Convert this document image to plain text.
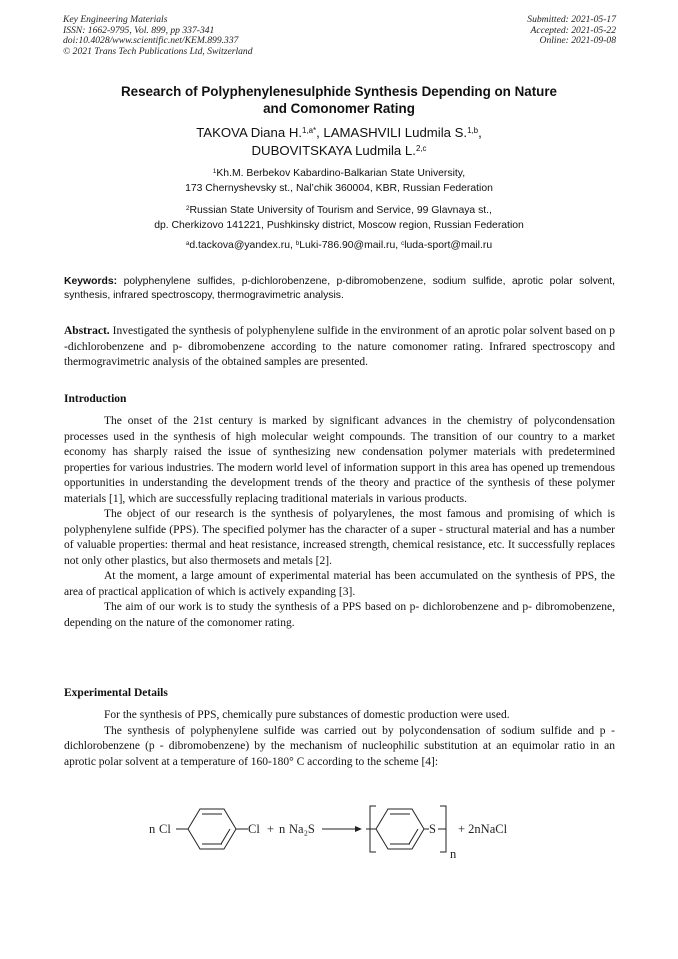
Key Engineering Materials
ISSN: 1662-9795, Vol. 899, pp 337-341
doi:10.4028/www.scientific.net/KEM.899.337
© 2021 Trans Tech Publications Ltd, Switzerland
Submitted: 2021-05-17
Accepted: 2021-05-22
Online: 2021-09-08
Research of Polyphenylenesulphide Synthesis Depending on Nature
and Comonomer Rating
TAKOVA Diana H.$^{1,a*}$, LAMASHVILI Ludmila S.$^{1,b}$,
DUBOVITSKAYA Ludmila L.$^{2,c}$
$^1$Kh.M. Berbekov Kabardino-Balkarian State University,
173 Chernyshevsky st., Nal’chik 360004, KBR, Russian Federation
$^2$Russian State University of Tourism and Service, 99 Glavnaya st.,
dp. Cherkizovo 141221, Pushkinsky district, Moscow region, Russian Federation
$^a$d.tackova@yandex.ru, $^b$Luki-786.90@mail.ru, $^c$luda-sport@mail.ru
Keywords: polyphenylene sulfides, p-dichlorobenzene, p-dibromobenzene, sodium sulfide, aprotic polar solvent, synthesis, infrared spectroscopy, thermogravimetric analysis.

Abstract. Investigated the synthesis of polyphenylene sulfide in the environment of an aprotic polar solvent based on p -dichlorobenzene and p- dibromobenzene according to the nature comonomer rating. Infrared spectroscopy and thermogravimetric analysis of the obtained samples are presented.

Introduction

The onset of the 21st century is marked by significant advances in the chemistry of polycondensation processes used in the synthesis of high molecular weight compounds. The transition of our country to a market economy has sharply raised the issue of synthesizing new condensation polymer materials with predetermined properties for various industries. The modern world level of information support in this area has opened up tremendous opportunities in understanding the development trends of the theory and practice of the synthesis of these polymer materials [1], which are successfully replacing traditional materials in various products.

The object of our research is the synthesis of polyarylenes, the most famous and promising of which is polyphenylene sulfide (PPS). The specified polymer has the character of a super - structural material and has a number of valuable properties: thermal and heat resistance, increased strength, chemical resistance, etc. It successfully replaces not only other plastics, but also thermosets and metals [2].

At the moment, a large amount of experimental material has been accumulated on the synthesis of PPS, the area of practical application of which is actively expanding [3].

The aim of our work is to study the synthesis of a PPS based on p- dichlorobenzene and p- dibromobenzene, depending on the nature of the comonomer rating.

Experimental Details

For the synthesis of PPS, chemically pure substances of domestic production were used.

The synthesis of polyphenylene sulfide was carried out by polycondensation of sodium sulfide and p - dichlorobenzene (p - dibromobenzene) by the mechanism of nucleophilic substitution at an equimolar ratio in an aprotic polar solvent at a temperature of 160-180° C according to the scheme [4]:

n Cl	Cl + n Na₂S	S
n
+ 2nNaCl
